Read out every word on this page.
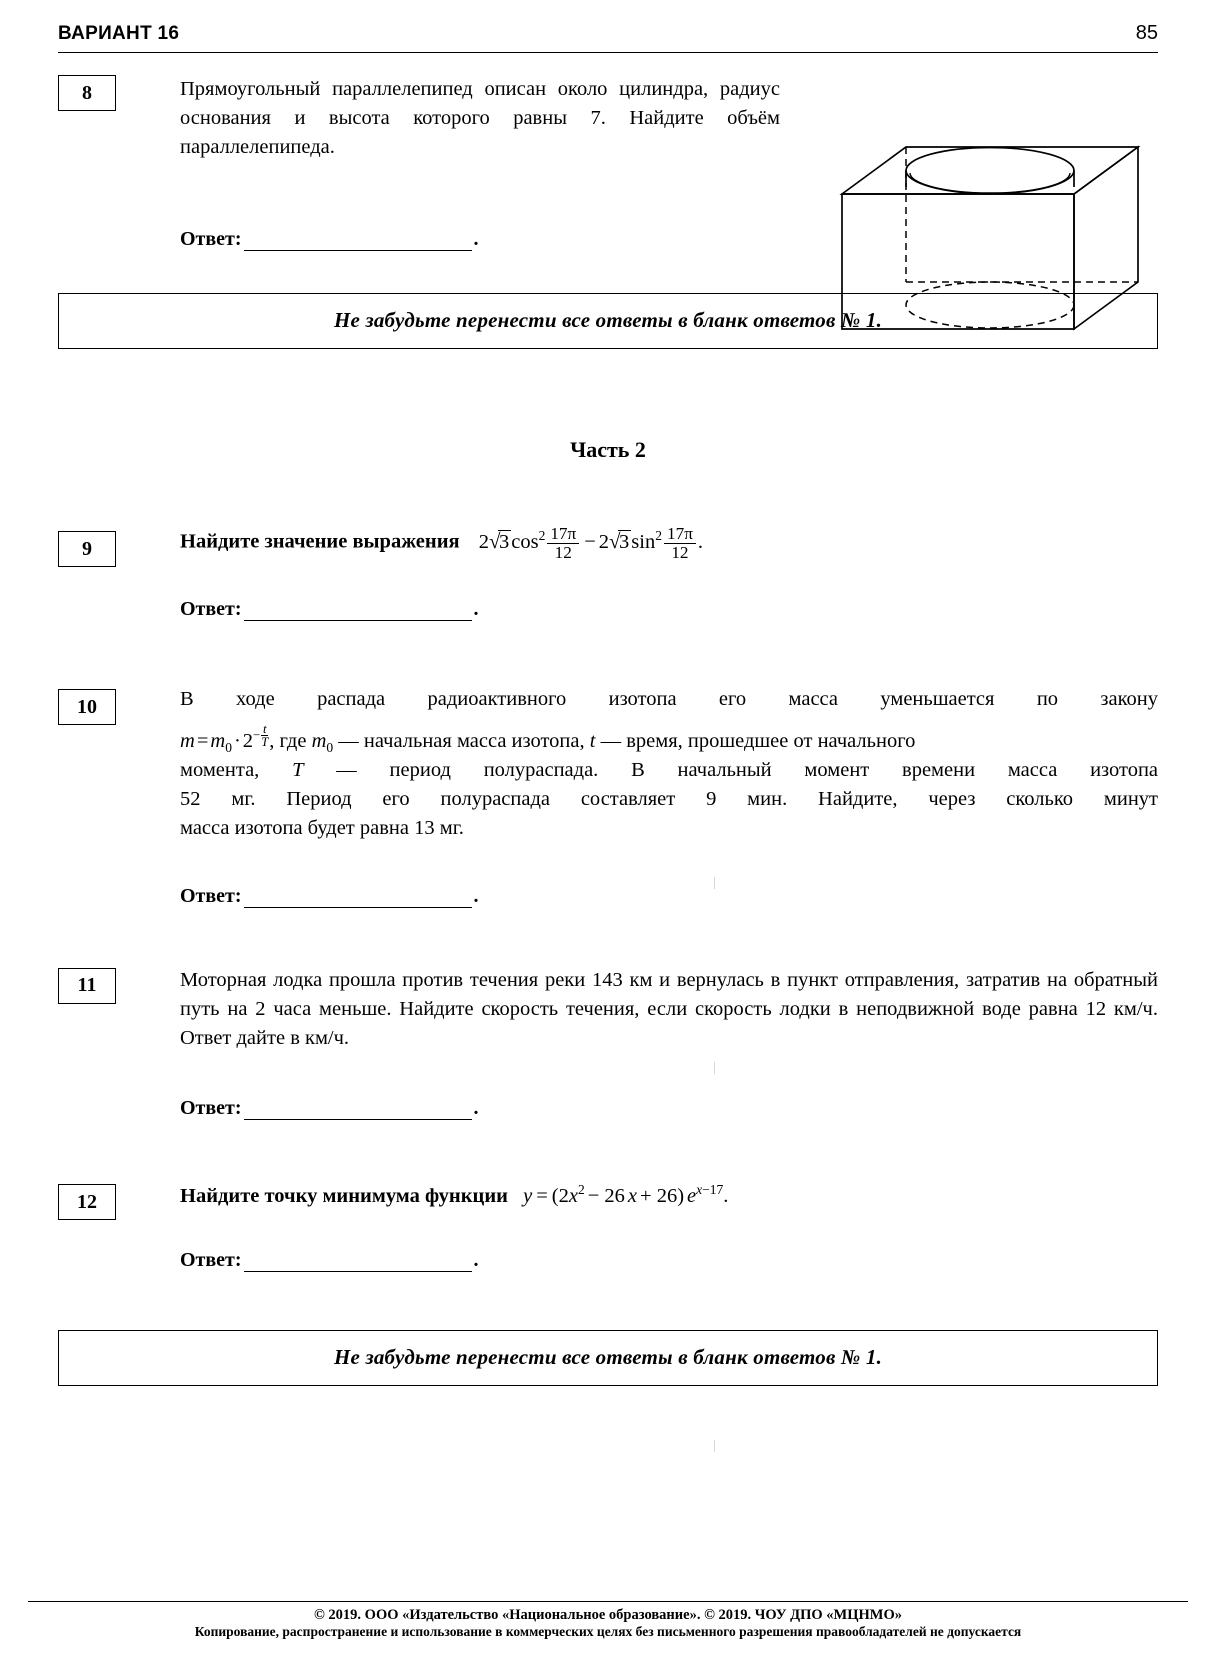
ВАРИАНТ 16	85
8	Прямоугольный параллелепипед описан около цилиндра, радиус основания и высота которого равны 7. Найдите объём параллелепипеда.
Ответ:	.
Не забудьте перенести все ответы в бланк ответов № 1.
Часть 2
9	Найдите значение выражения 2 √ $3\cos^2 \frac{17\pi}{12} - 2$ √ $3\sin^2 \frac{17\pi}{12}$ .
Ответ:	.
10	В ходе распада радиоактивного изотопа его масса уменьшается по закону
$m=m_0\cdot 2- \frac{t}{T}$ , где $m_0$ — начальная масса изотопа, t — время, прошедшее от начального
момента, T — период полураспада. В начальный момент времени масса изотопа
52 мг. Период его полураспада составляет 9 мин. Найдите, через сколько минут
масса изотопа будет равна 13 мг.
Ответ:	.
11	Моторная лодка прошла против течения реки 143 км и вернулась в пункт отправления, затратив на обратный путь на 2 часа меньше. Найдите скорость течения, если скорость лодки в неподвижной воде равна 12 км/ч. Ответ дайте в км/ч.
Ответ:	.
12	Найдите точку минимума функции $y = (2x^2 - 26$ x + 26) $e^{x-17}$.
Ответ:	.
Не забудьте перенести все ответы в бланк ответов № 1.
© 2019. ООО «Издательство «Национальное образование». © 2019. ЧОУ ДПО «МЦНМО»
Копирование, распространение и использование в коммерческих целях без письменного разрешения правообладателей не допускается
